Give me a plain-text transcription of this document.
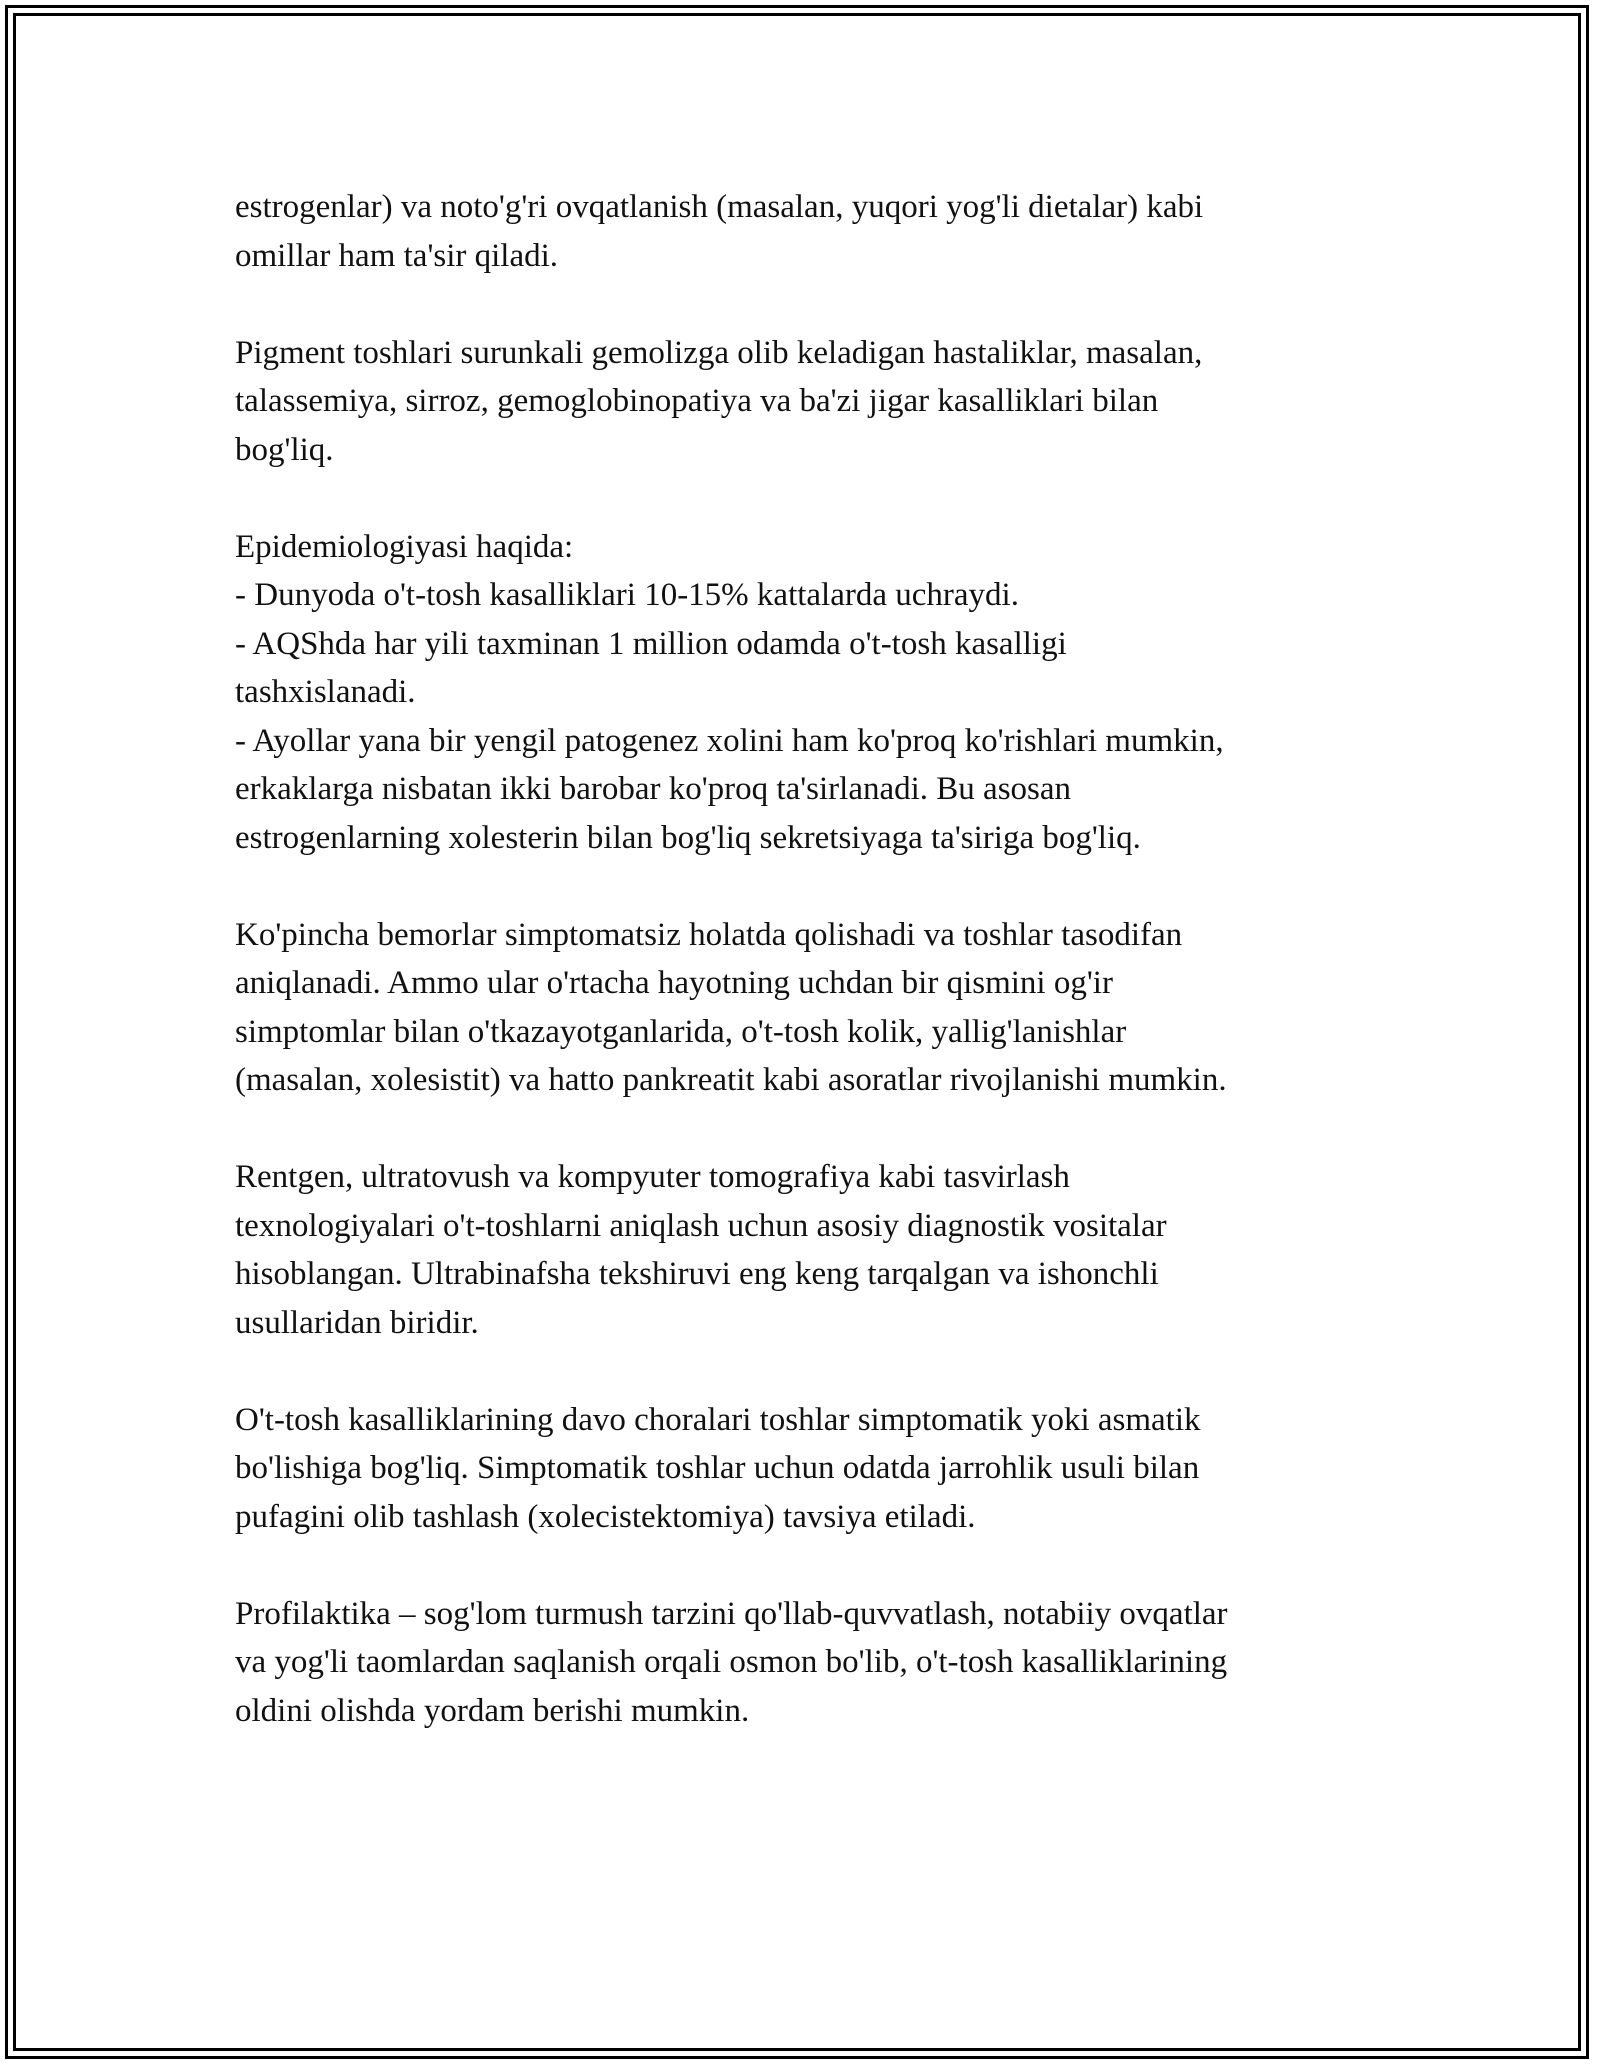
estrogenlar) va noto'g'ri ovqatlanish (masalan, yuqori yog'li dietalar) kabi
omillar ham ta'sir qiladi.

Pigment toshlari surunkali gemolizga olib keladigan hastaliklar, masalan,
talassemiya, sirroz, gemoglobinopatiya va ba'zi jigar kasalliklari bilan
bog'liq.

Epidemiologiyasi haqida:
- Dunyoda o't-tosh kasalliklari 10-15% kattalarda uchraydi.
- AQShda har yili taxminan 1 million odamda o't-tosh kasalligi
tashxislanadi.
- Ayollar yana bir yengil patogenez xolini ham ko'proq ko'rishlari mumkin,
erkaklarga nisbatan ikki barobar ko'proq ta'sirlanadi. Bu asosan
estrogenlarning xolesterin bilan bog'liq sekretsiyaga ta'siriga bog'liq.

Ko'pincha bemorlar simptomatsiz holatda qolishadi va toshlar tasodifan
aniqlanadi. Ammo ular o'rtacha hayotning uchdan bir qismini og'ir
simptomlar bilan o'tkazayotganlarida, o't-tosh kolik, yallig'lanishlar
(masalan, xolesistit) va hatto pankreatit kabi asoratlar rivojlanishi mumkin.

Rentgen, ultratovush va kompyuter tomografiya kabi tasvirlash
texnologiyalari o't-toshlarni aniqlash uchun asosiy diagnostik vositalar
hisoblangan. Ultrabinafsha tekshiruvi eng keng tarqalgan va ishonchli
usullaridan biridir.

O't-tosh kasalliklarining davo choralari toshlar simptomatik yoki asmatik
bo'lishiga bog'liq. Simptomatik toshlar uchun odatda jarrohlik usuli bilan
pufagini olib tashlash (xolecistektomiya) tavsiya etiladi.

Profilaktika – sog'lom turmush tarzini qo'llab-quvvatlash, notabiiy ovqatlar
va yog'li taomlardan saqlanish orqali osmon bo'lib, o't-tosh kasalliklarining
oldini olishda yordam berishi mumkin.
